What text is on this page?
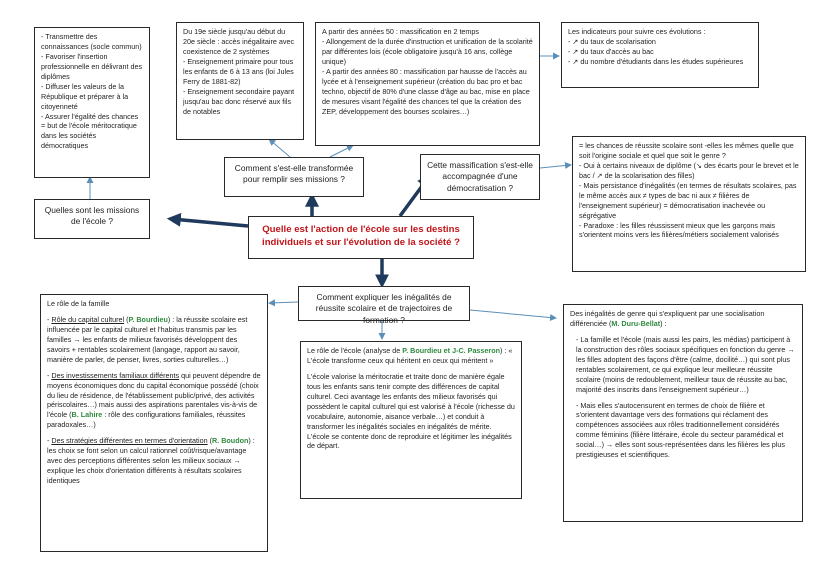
- Transmettre des connaissances (socle commun)
- Favoriser l'insertion professionnelle en délivrant des diplômes
- Diffuser les valeurs de la République et préparer à la citoyenneté
- Assurer l'égalité des chances = but de l'école méritocratique dans les sociétés démocratiques
Quelles sont les missions de l'école ?
Du 19e siècle jusqu'au début du 20e siècle : accès inégalitaire avec coexistence de 2 systèmes
- Enseignement primaire pour tous les enfants de 6 à 13 ans (loi Jules Ferry de 1881-82)
- Enseignement secondaire payant jusqu'au bac donc réservé aux fils de notables
A partir des années 50 : massification en 2 temps
- Allongement de la durée d'instruction et unification de la scolarité par différentes lois (école obligatoire jusqu'à 16 ans, collège unique)
- A partir des années 80 : massification par hausse de l'accès au lycée et à l'enseignement supérieur (création du bac pro et bac techno, objectif de 80% d'une classe d'âge au bac, mise en place de mesures visant l'égalité des chances tel que la création des ZEP, développement des bourses scolaires…)
Les indicateurs pour suivre ces évolutions :
- ↗ du taux de scolarisation
- ↗ du taux d'accès au bac
- ↗ du nombre d'étudiants dans les études supérieures
Comment s'est-elle transformée pour remplir ses missions ?
Cette massification s'est-elle accompagnée d'une démocratisation ?
= les chances de réussite scolaire sont -elles les mêmes quelle que soit l'origine sociale et quel que soit le genre ?
- Oui à certains niveaux de diplôme (↘ des écarts pour le brevet et le bac / ↗ de la scolarisation des filles)
- Mais persistance d'inégalités (en termes de résultats scolaires, pas le même accès aux ≠ types de bac ni aux ≠ filières de l'enseignement supérieur) = démocratisation inachevée ou ségrégative
- Paradoxe : les filles réussissent mieux que les garçons mais s'orientent moins vers les filières/métiers socialement valorisés
Quelle est l'action de l'école sur les destins individuels et sur l'évolution de la société ?
Comment expliquer les inégalités de réussite scolaire et de trajectoires de formation ?
Le rôle de la famille
- Rôle du capital culturel (P. Bourdieu) : la réussite scolaire est influencée par le capital culturel et l'habitus transmis par les familles → les enfants de milieux favorisés développent des savoirs + rentables scolairement (langage, rapport au savoir, manière de parler, de penser, livres, sorties culturelles…)
- Des investissements familiaux différents qui peuvent dépendre de moyens économiques donc du capital économique possédé (choix du lieu de résidence, de l'établissement public/privé, des activités périscolaires…) mais aussi des aspirations parentales vis-à-vis de l'école (B. Lahire : rôle des configurations familiales, réussites paradoxales…)
- Des stratégies différentes en termes d'orientation (R. Boudon) : les choix se font selon un calcul rationnel coût/risque/avantage avec des perceptions différentes selon les milieux sociaux → explique les choix d'orientation différents à résultats scolaires identiques
Le rôle de l'école (analyse de P. Bourdieu et J-C. Passeron) : « L'école transforme ceux qui héritent en ceux qui méritent »
L'école valorise la méritocratie et traite donc de manière égale tous les enfants sans tenir compte des différences de capital culturel. Ceci avantage les enfants des milieux favorisés qui possèdent le capital culturel qui est valorisé à l'école (richesse du vocabulaire, autonomie, aisance verbale…) et conduit à transformer les inégalités sociales en inégalités de mérite. L'école se contente donc de reproduire et légitimer les inégalités de départ.
Des inégalités de genre qui s'expliquent par une socialisation différenciée (M. Duru-Bellat) :
- La famille et l'école (mais aussi les pairs, les médias) participent à la construction des rôles sociaux spécifiques en fonction du genre → les filles adoptent des façons d'être (calme, docilité…) qui sont plus rentables scolairement, ce qui explique leur meilleure réussite scolaire (moins de redoublement, meilleur taux de réussite au bac, majorité des inscrits dans l'enseignement supérieur…)
- Mais elles s'autocensurent en termes de choix de filière et s'orientent davantage vers des formations qui réclament des compétences associées aux rôles traditionnellement considérés comme féminins (filière littéraire, école du secteur paramédical et social…) → elles sont sous-représentées dans les filières les plus prestigieuses et scientifiques.
